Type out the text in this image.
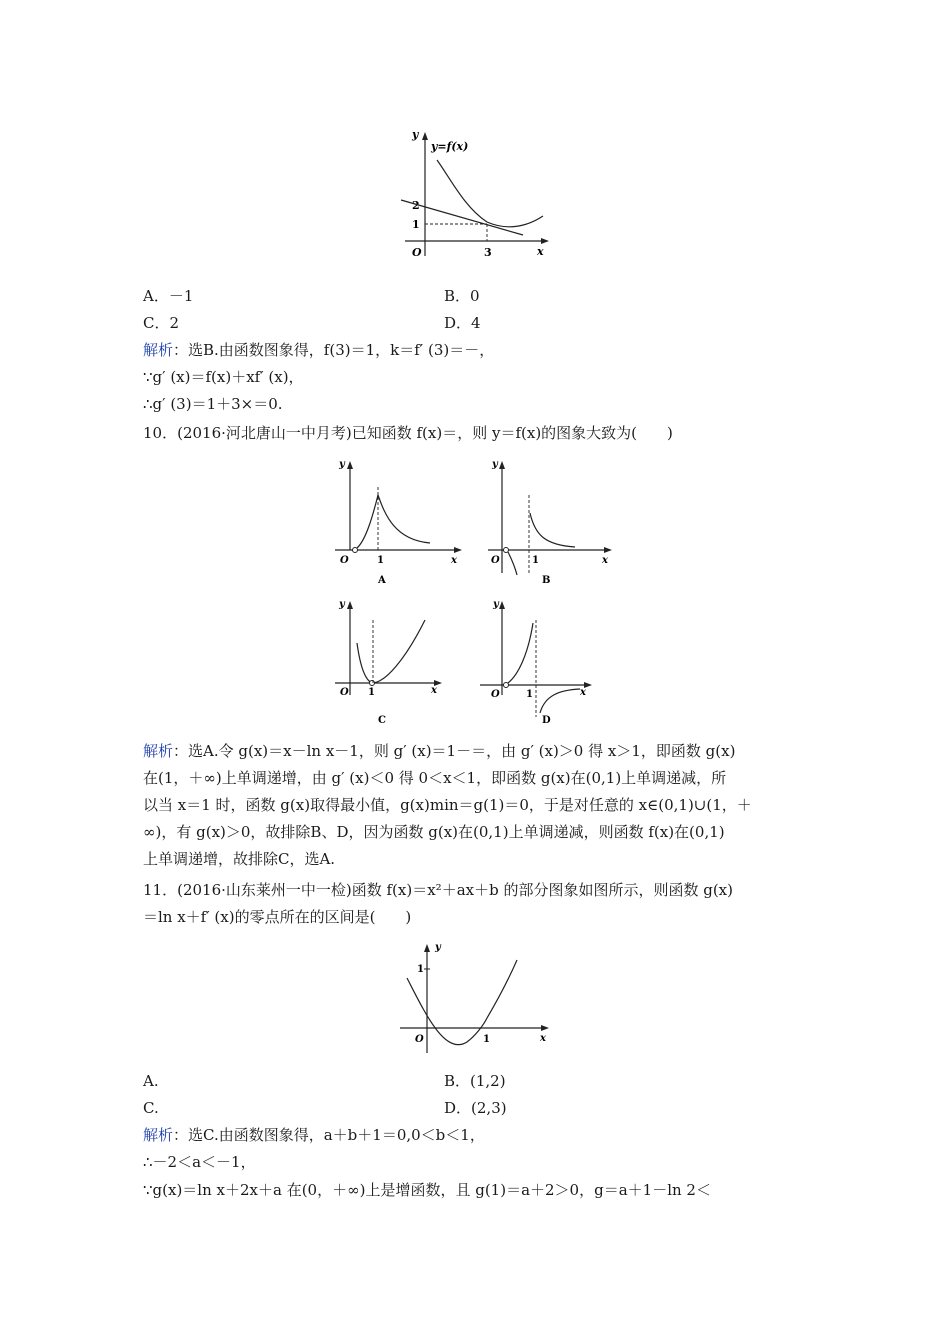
y
x
y=f(x)
O
2
1
3
A．－1	B．0
C．2	D．4
解析：选B.由函数图象得，f(3)＝1，k＝f′ (3)＝－，
∵g′ (x)＝f(x)＋xf′ (x)，
∴g′ (3)＝1＋3×＝0.
10．(2016·河北唐山一中月考)已知函数 f(x)＝，则 y＝f(x)的图象大致为(　　)
y
x
O	1
A
y
x
O	1
B
y
x
O 1
C
y
x
O	1
D
解析：选A.令 g(x)＝x－ln x－1，则 g′ (x)＝1－＝，由 g′ (x)＞0 得 x＞1，即函数 g(x)
在(1，＋∞)上单调递增，由 g′ (x)＜0 得 0＜x＜1，即函数 g(x)在(0,1)上单调递减，所
以当 x＝1 时，函数 g(x)取得最小值，g(x)min＝g(1)＝0，于是对任意的 x∈(0,1)∪(1，＋
∞)，有 g(x)＞0，故排除B、D，因为函数 g(x)在(0,1)上单调递减，则函数 f(x)在(0,1)
上单调递增，故排除C，选A.
11．(2016·山东莱州一中一检)函数 f(x)＝x²＋ax＋b 的部分图象如图所示，则函数 g(x)
＝ln x＋f′ (x)的零点所在的区间是(　　)
y
x
O
1
1
A.	B．(1,2)
C.	D．(2,3)
解析：选C.由函数图象得，a＋b＋1＝0,0＜b＜1，
∴－2＜a＜－1，
∵g(x)＝ln x＋2x＋a 在(0，＋∞)上是增函数，且 g(1)＝a＋2＞0，g＝a＋1－ln 2＜
